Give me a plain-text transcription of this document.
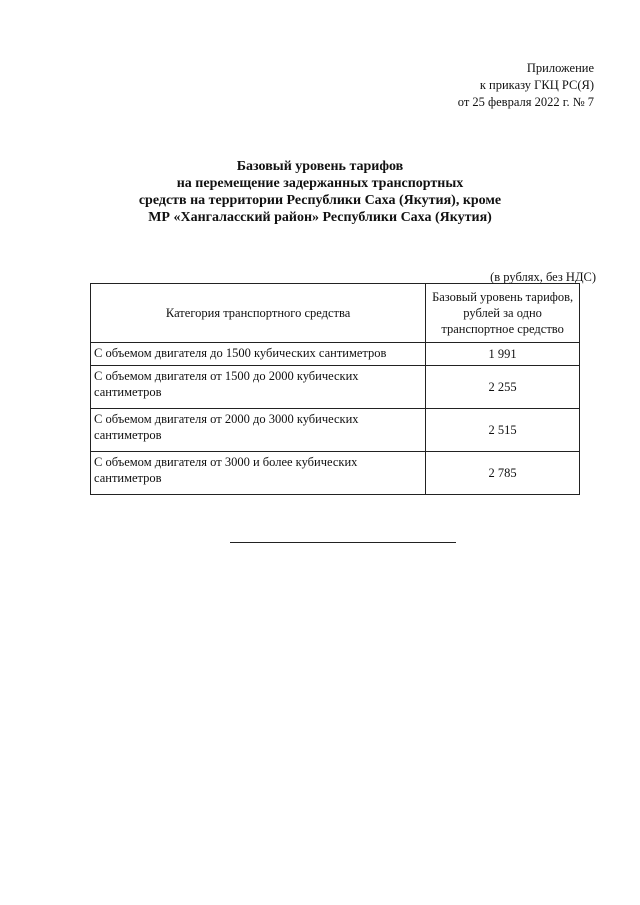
Приложение
к приказу ГКЦ РС(Я)
от 25 февраля 2022 г. № 7
Базовый уровень тарифов
на перемещение задержанных транспортных
средств на территории Республики Саха (Якутия), кроме
МР «Хангаласский район» Республики Саха (Якутия)
(в рублях, без НДС)
Категория транспортного средства	Базовый уровень тарифов, рублей за одно транспортное средство
С объемом двигателя до 1500 кубических сантиметров	1 991
С объемом двигателя от 1500 до 2000 кубических сантиметров	2 255
С объемом двигателя от 2000 до 3000 кубических сантиметров	2 515
С объемом двигателя от 3000 и более кубических сантиметров	2 785
